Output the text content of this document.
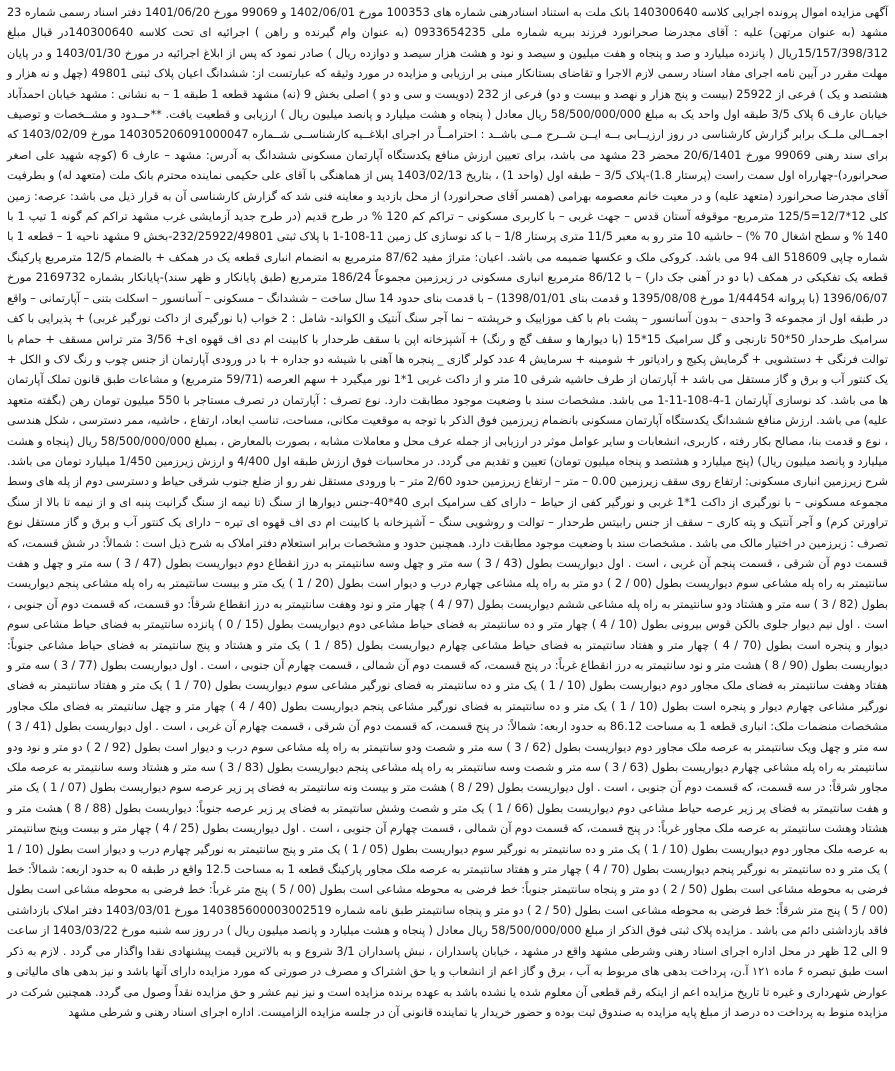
آگهی مزایده اموال پرونده اجرایی کلاسه 140300640 بانک ملت به استناد اسنادرهنی شماره های 100353 مورخ 1402/06/01 و 99069 مورخ 1401/06/20 دفتر اسناد رسمی شماره 23 مشهد (به عنوان مرتهن) علیه : آقای مجدرضا صحرانورد فرزند ببریه شماره ملی 0933654235 (به عنوان وام گیرنده و راهن ) اجرائیه ای تحت کلاسه 140300640در قبال مبلغ 15/157/398/312ریال ( پانزده میلیارد و صد و پنجاه و هفت میلیون و سیصد و نود و هشت هزار سیصد و دوازده ریال ) صادر نمود که پس از ابلاغ اجرائیه در مورخ 1403/01/30 و در پایان مهلت مقرر در آیین نامه اجرای مفاد اسناد رسمی لازم الاجرا و تقاضای بستانکار مبنی بر ارزیابی و مزایده در مورد وثیقه که عبارتست از: ششدانگ اعیان پلاک ثبتی 49801 (چهل و نه هزار و هشتصد و یک ) فرعی از 25922 (بیست و پنج هزار و نهصد و بیست و دو) فرعی از 232 (دویست و سی و دو ) اصلی بخش 9 (نه) مشهد قطعه 1 طبقه 1 – به نشانی : مشهد خیابان احمدآباد خیابان عارف 6 پلاک 3/5 طبقه اول واحد یک به مبلغ 58/500/000/000 ریال معادل ( پنجاه و هشت میلیارد و پانصد میلیون ریال ) ارزیابی و قطعیت یافت. **حــدود و مشــخصات و توصیف اجمــالی ملــک برابر گزارش کارشناسی در روز ارزیــابی بــه ایــن شــرح مــی باشــد : احترامــاً در اجرای ابلاغــیه کارشناســی شــماره 140305206091000047 مورخ 1403/02/09 که برای سند رهنی 99069 مورخ 20/6/1401 محضر 23 مشهد می باشد، برای تعیین ارزش منافع یکدستگاه آپارتمان مسکونی ششدانگ به آدرس: مشهد – عارف 6 (کوچه شهید علی اصغر صحرانورد)-چهارراه اول سمت راست (پرستار 1.8)-پلاک 3/5 – طبقه اول (واحد 1) ، بتاریخ 1403/02/13 پس از هماهنگی با آقای علی حکیمی نماینده محترم بانک ملت (متعهد له) و بطرفیت آقای مجدرضا صحرانورد (متعهد علیه) و در معیت خانم معصومه بهرامی (همسر آقای صحرانورد) از محل بازدید و معاینه فنی شد که گزارش کارشناسی آن به قرار ذیل می باشد: عرصه: زمین کلی 12*12/7=125/5 مترمربع- موقوفه آستان قدس – جهت غربی – با کاربری مسکونی – تراکم کم 120 % در طرح قدیم (در طرح جدید آزمایشی غرب مشهد تراکم کم گونه 1 تیپ 1 با 140 % و سطح اشغال 70 %) – حاشیه 10 متر رو به معبر 11/5 متری پرستار 1/8 – با کد نوسازی کل زمین 11-108-1 با پلاک ثبتی 232/25922/49801-بخش 9 مشهد ناحیه 1 – قطعه 1 با شماره چاپی 518609 الف 94 می باشد. کروکی ملک و عکسها ضمیمه می باشد. اعیان: متراژ مفید 87/62 مترمربع به انضمام انباری قطعه یک در همکف + بالضمام 12/5 مترمربع پارکینگ قطعه یک تفکیکی در همکف (با دو در آهنی جک دار) – با 86/12 مترمربع انباری مسکونی در زیرزمین مجموعاً 186/24 مترمربع (طبق پایانکار و ظهر سند)-پایانکار بشماره 2169732 مورخ 1396/06/07 (با پروانه 1/44454 مورخ 1395/08/08 و قدمت بنای 1398/01/01) – با قدمت بنای حدود 14 سال ساخت – ششدانگ – مسکونی – آسانسور – اسکلت بتنی – آپارتمانی – واقع در طبقه اول از مجموعه 3 واحدی – بدون آسانسور – پشت بام با کف موزاییک و خرپشته – نما آجر سنگ آنتیک و الکواند- شامل : 2 خواب (با نورگیری از داکت نورگیر غربی) + پذیرایی با کف سرامیک طرحدار 50*50 تارنجی و گل سرامیک 15*15 (با دیوارها و سقف گچ و رنگ) + آشپزخانه اپن با سقف طرحدار با کابینت ام دی اف قهوه ای+ 3/56 متر تراس مسقف + حمام با توالت فرنگی + دستشویی + گرمایش پکیج و رادیاتور + شومینه + سرمایش 4 عدد کولر گازی _ پنجره ها آهنی با شیشه دو جداره + با در ورودی آپارتمان از جنس چوب و رنگ لاک و الکل + یک کنتور آب و برق و گاز مستقل می باشد + آپارتمان از طرف حاشیه شرقی 10 متر و از داکت غربی 1*1 نور میگیرد + سهم العرصه (59/71 مترمربع) و مشاعات طبق قانون تملک آپارتمان ها می باشد. کد نوسازی آپارتمان 1-4-108-11-1 می باشد. مشخصات سند با وضعیت موجود مطابقت دارد. نوع تصرف : آپارتمان در تصرف مستاجر با 550 میلیون تومان رهن (بگفته متعهد علیه) می باشد. ارزش منافع ششدانگ یکدستگاه آپارتمان مسکونی بانضمام زیرزمین فوق الذکر با توجه به موقعیت مکانی، مساحت، تناسب ابعاد، ارتفاع ، حاشیه، ممر دسترسی ، شکل هندسی ، نوع و قدمت بنا، مصالح بکار رفته ، کاربری، انشعابات و سایر عوامل موثر در ارزیابی از جمله عرف محل و معاملات مشابه ، بصورت بالمعارض ، بمبلغ 58/500/000/000 ریال (پنجاه و هشت میلیارد و پانصد میلیون ریال) (پنج میلیارد و هشتصد و پنجاه میلیون تومان) تعیین و تقدیم می گردد. در محاسبات فوق ارزش طبقه اول 4/400 و ارزش زیرزمین 1/450 میلیارد تومان می باشد. شرح زیرزمین انباری مسکونی: ارتفاع روی سقف زیرزمین 0.00 – متر – ارتفاع زیرزمین حدود 2/60 متر – با ورودی مستقل نفر رو از ضلع جنوب شرقی حیاط و دسترسی دوم از پله های وسط مجموعه مسکونی – با نورگیری از داکت 1*1 غربی و نورگیر کفی از حیاط – دارای کف سرامیک ابری 40*40-جنس دیوارها از سنگ (تا نیمه از سنگ گرانیت پنبه ای و از نیمه تا بالا از سنگ تراورتن کرم) و آجر آنتیک و پته کاری – سقف از جنس رابیتس طرحدار – توالت و روشویی سنگ – آشپزخانه با کابینت ام دی اف قهوه ای تیره – دارای یک کنتور آب و برق و گاز مستقل نوع تصرف : زیرزمین در اختیار مالک می باشد . مشخصات سند با وضعیت موجود مطابقت دارد. همچنین حدود و مشخصات برابر استعلام دفتر املاک به شرح ذیل است : شمالاً: در شش قسمت، که قسمت دوم آن شرقی ، قسمت پنجم آن غربی ، است . اول دیواریست بطول (43 / 3 ) سه متر و چهل وسه سانتیمتر به درز انقطاع دوم دیواریست بطول (47 / 3 ) سه متر و چهل و هفت سانتیمتر به راه پله مشاعی سوم دیواریست بطول (00 / 2 ) دو متر به راه پله مشاعی چهارم درب و دیوار است بطول (20 / 1 ) یک متر و بیست سانتیمتر به راه پله مشاعی پنجم دیواریست بطول (82 / 3 ) سه متر و هشتاد ودو سانتیمتر به راه پله مشاعی ششم دیواریست بطول (97 / 4 ) چهار متر و نود وهفت سانتیمتر به درز انقطاع شرقاً: دو قسمت، که قسمت دوم آن جنوبی ، است . اول نیم دیوار جلوی بالکن قوس بیرونی بطول (10 / 4 ) چهار متر و ده سانتیمتر به فضای حیاط مشاعی دوم دیواریست بطول (15 / 0 ) پانزده سانتیمتر به فضای حیاط مشاعی سوم دیوار و پنجره است بطول (70 / 4 ) چهار متر و هفتاد سانتیمتر به فضای حیاط مشاعی چهارم دیواریست بطول (85 / 1 ) یک متر و هشتاد و پنج سانتیمتر به فضای حیاط مشاعی جنوباً: دیواریست بطول (90 / 8 ) هشت متر و نود سانتیمتر به درز انقطاع غرباً: در پنج قسمت، که قسمت دوم آن شمالی ، قسمت چهارم آن جنوبی ، است . اول دیواریست بطول (77 / 3 ) سه متر و هفتاد وهفت سانتیمتر به فضای ملک مجاور دوم دیواریست بطول (10 / 1 ) یک متر و ده سانتیمتر به فضای نورگیر مشاعی سوم دیواریست بطول (70 / 1 ) یک متر و هفتاد سانتیمتر به فضای نورگیر مشاعی چهارم دیوار و پنجره است بطول (10 / 1 ) یک متر و ده سانتیمتر به فضای نورگیر مشاعی پنجم دیواریست بطول (40 / 4 ) چهار متر و چهل سانتیمتر به فضای ملک مجاور مشخصات منضمات ملک: انباری قطعه 1 به مساحت 86.12 به حدود اربعه: شمالاً: در پنج قسمت، که قسمت دوم آن شرقی ، قسمت چهارم آن غربی ، است . اول دیواریست بطول (41 / 3 ) سه متر و چهل ویک سانتیمتر به عرصه ملک مجاور دوم دیواریست بطول (62 / 3 ) سه متر و شصت ودو سانتیمتر به راه پله مشاعی سوم درب و دیوار است بطول (92 / 2 ) دو متر و نود ودو سانتیمتر به راه پله مشاعی چهارم دیواریست بطول (63 / 3 ) سه متر و شصت وسه سانتیمتر به راه پله مشاعی پنجم دیواریست بطول (83 / 3 ) سه متر و هشتاد وسه سانتیمتر به عرصه ملک مجاور شرقاً: در سه قسمت، که قسمت دوم آن جنوبی ، است . اول دیواریست بطول (29 / 8 ) هشت متر و بیست ونه سانتیمتر به فضای پر زیر عرصه سوم دیواریست بطول (07 / 1 ) یک متر و هفت سانتیمتر به فضای پر زیر عرصه حیاط مشاعی دوم دیواریست بطول (66 / 1 ) یک متر و شصت وشش سانتیمتر به فضای پر زیر عرصه جنوباً: دیواریست بطول (88 / 8 ) هشت متر و هشتاد وهشت سانتیمتر به عرصه ملک مجاور غرباً: در پنج قسمت، که قسمت دوم آن شمالی ، قسمت چهارم آن جنوبی ، است . اول دیواریست بطول (25 / 4 ) چهار متر و بیست وپنج سانتیمتر به عرصه ملک مجاور دوم دیواریست بطول (10 / 1 ) یک متر و ده سانتیمتر به نورگیر سوم دیواریست بطول (05 / 1 ) یک متر و پنج سانتیمتر به نورگیر چهارم درب و دیوار است بطول (10 / 1 ) یک متر و ده سانتیمتر به نورگیر پنجم دیواریست بطول (70 / 4 ) چهار متر و هفتاد سانتیمتر به عرصه ملک مجاور پارکینگ قطعه 1 به مساحت 12.5 واقع در طبقه 0 به حدود اربعه: شمالاً: خط فرضی به محوطه مشاعی است بطول (50 / 2 ) دو متر و پنجاه سانتیمتر جنوباً: خط فرضی به محوطه مشاعی است بطول (00 / 5 ) پنج متر غرباً: خط فرضی به محوطه مشاعی است بطول (00 / 5 ) پنج متر شرقاً: خط فرضی به محوطه مشاعی است بطول (50 / 2 ) دو متر و پنجاه سانتیمتر طبق نامه شماره 140385600003002519 مورخ 1403/03/01 دفتر املاک بازداشتی فاقد بازداشتی دائم می باشد . مزایده پلاک ثبتی فوق الذکر از مبلغ 58/500/000/000 ریال معادل ( پنجاه و هشت میلیارد و پانصد میلیون ریال ) در روز سه شنبه مورخ 1403/03/22 از ساعت 9 الی 12 ظهر در محل اداره اجرای اسناد رهنی وشرطی مشهد واقع در مشهد ، خیابان پاسداران ، نبش پاسداران 3/1 شروع و به بالاترین قیمت پیشنهادی نقدا واگذار می گردد . لازم به ذکر است طبق تبصره ۶ ماده ۱۲۱ آ.ن، پرداخت بدهی های مربوط به آب ، برق و گاز اعم از انشعاب و یا حق اشتراک و مصرف در صورتی که مورد مزایده دارای آنها باشد و نیز بدهی های مالیاتی و عوارض شهرداری و غیره تا تاریخ مزایده اعم از اینکه رقم قطعی آن معلوم شده یا نشده باشد به عهده برنده مزایده است و نیز نیم عشر و حق مزایده نقداً وصول می گردد. همچنین شرکت در مزایده منوط به پرداخت ده درصد از مبلغ پایه مزایده به صندوق ثبت بوده و حضور خریدار یا نماینده قانونی آن در جلسه مزایده الزامیست. اداره اجرای اسناد رهنی و شرطی مشهد
